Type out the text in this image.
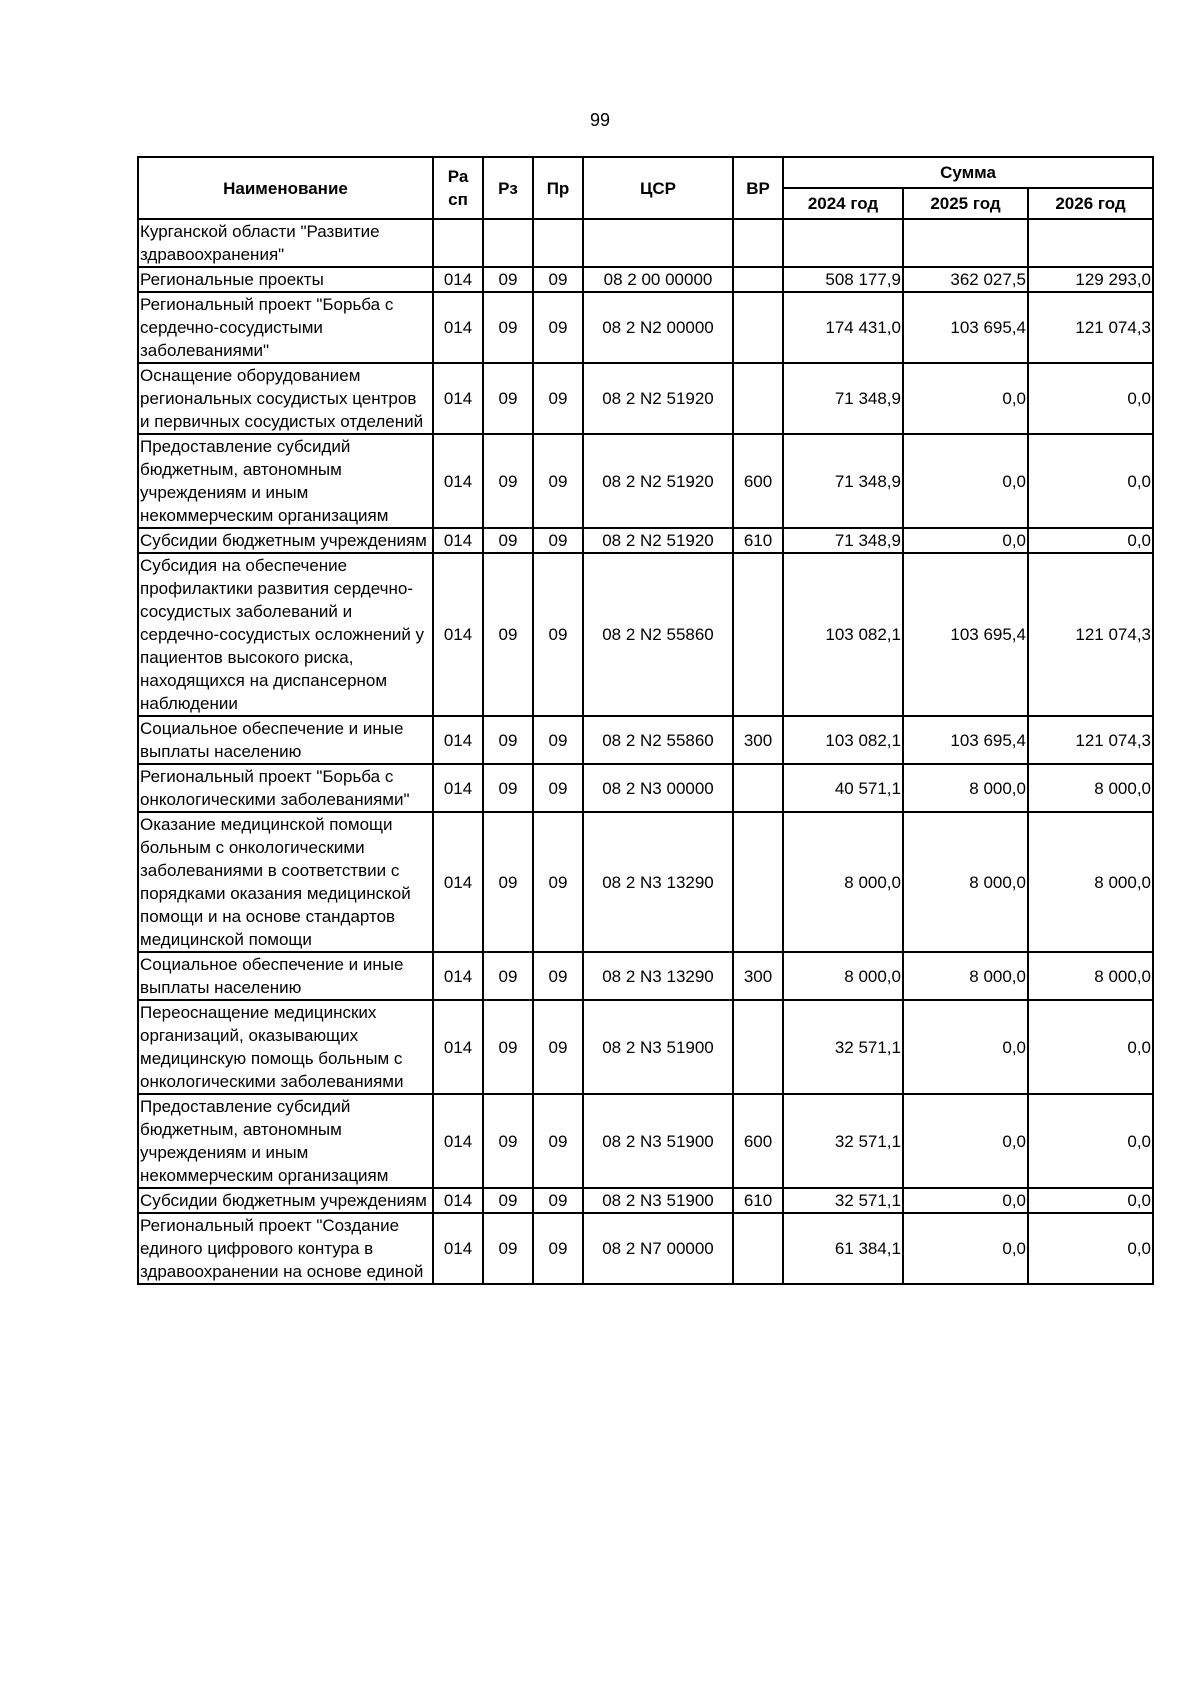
99
Наименование	Ра сп	Рз	Пр	ЦСР	ВР	Сумма		
						2024 год	2025 год	2026 год
Курганской области "Развитие здравоохранения"								
Региональные проекты	014	09	09	08 2 00 00000		508 177,9	362 027,5	129 293,0
Региональный проект "Борьба с сердечно-сосудистыми заболеваниями"	014	09	09	08 2 N2 00000		174 431,0	103 695,4	121 074,3
Оснащение оборудованием региональных сосудистых центров и первичных сосудистых отделений	014	09	09	08 2 N2 51920		71 348,9	0,0	0,0
Предоставление субсидий бюджетным, автономным учреждениям и иным некоммерческим организациям	014	09	09	08 2 N2 51920	600	71 348,9	0,0	0,0
Субсидии бюджетным учреждениям	014	09	09	08 2 N2 51920	610	71 348,9	0,0	0,0
Субсидия на обеспечение профилактики развития сердечно-сосудистых заболеваний и сердечно-сосудистых осложнений у пациентов высокого риска, находящихся на диспансерном наблюдении	014	09	09	08 2 N2 55860		103 082,1	103 695,4	121 074,3
Социальное обеспечение и иные выплаты населению	014	09	09	08 2 N2 55860	300	103 082,1	103 695,4	121 074,3
Региональный проект "Борьба с онкологическими заболеваниями"	014	09	09	08 2 N3 00000		40 571,1	8 000,0	8 000,0
Оказание медицинской помощи больным с онкологическими заболеваниями в соответствии с порядками оказания медицинской помощи и на основе стандартов медицинской помощи	014	09	09	08 2 N3 13290		8 000,0	8 000,0	8 000,0
Социальное обеспечение и иные выплаты населению	014	09	09	08 2 N3 13290	300	8 000,0	8 000,0	8 000,0
Переоснащение медицинских организаций, оказывающих медицинскую помощь больным с онкологическими заболеваниями	014	09	09	08 2 N3 51900		32 571,1	0,0	0,0
Предоставление субсидий бюджетным, автономным учреждениям и иным некоммерческим организациям	014	09	09	08 2 N3 51900	600	32 571,1	0,0	0,0
Субсидии бюджетным учреждениям	014	09	09	08 2 N3 51900	610	32 571,1	0,0	0,0
Региональный проект "Создание единого цифрового контура в здравоохранении на основе единой	014	09	09	08 2 N7 00000		61 384,1	0,0	0,0
